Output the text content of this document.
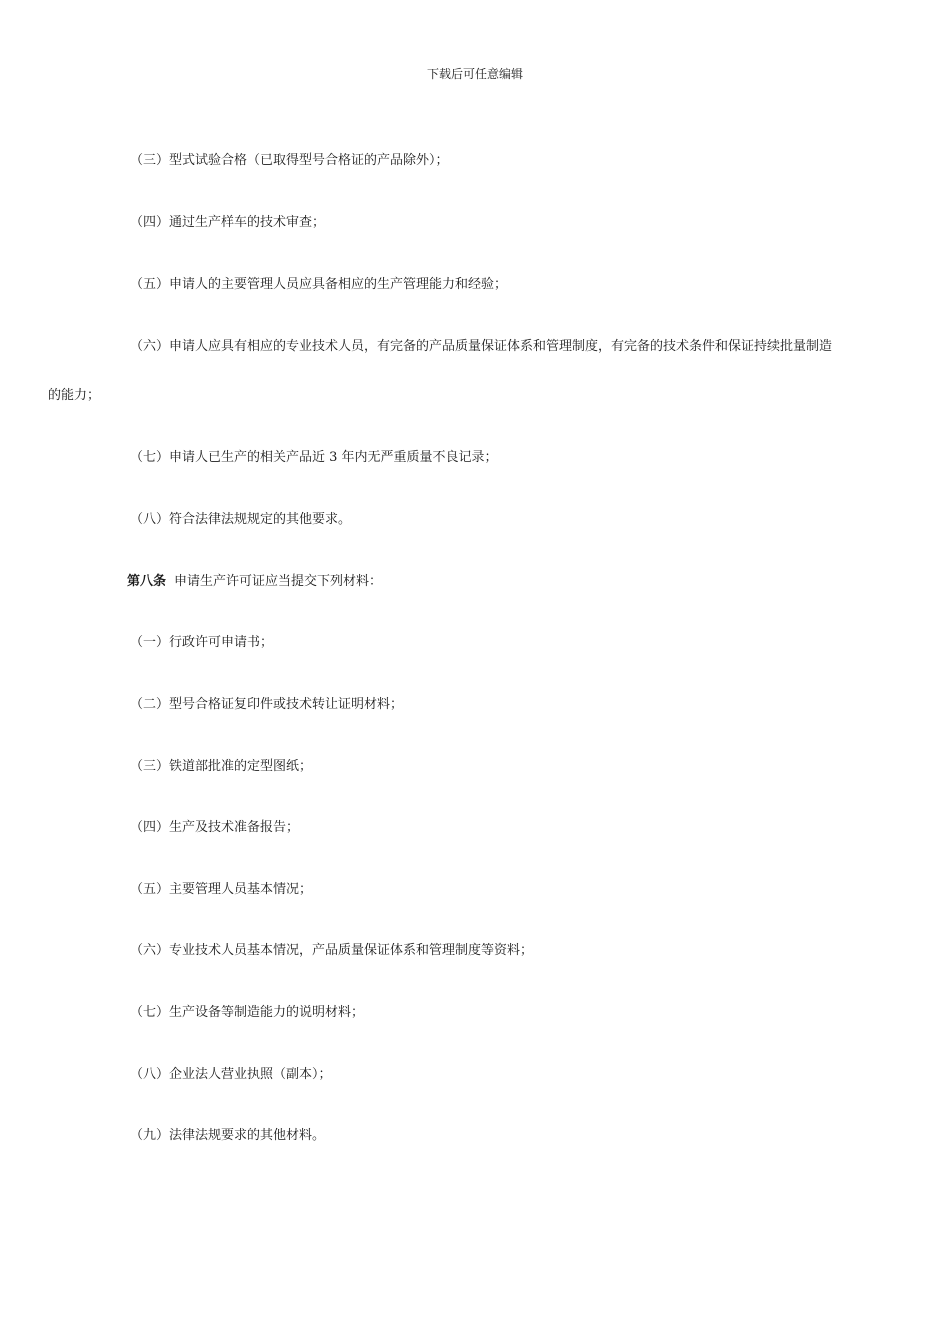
下载后可任意编辑
（三）型式试验合格（已取得型号合格证的产品除外）；
（四）通过生产样车的技术审查；
（五）申请人的主要管理人员应具备相应的生产管理能力和经验；
（六）申请人应具有相应的专业技术人员，有完备的产品质量保证体系和管理制度，有完备的技术条件和保证持续批量制造
的能力；
（七）申请人已生产的相关产品近 3 年内无严重质量不良记录；
（八）符合法律法规规定的其他要求。
第八条 申请生产许可证应当提交下列材料：
（一）行政许可申请书；
（二）型号合格证复印件或技术转让证明材料；
（三）铁道部批准的定型图纸；
（四）生产及技术准备报告；
（五）主要管理人员基本情况；
（六）专业技术人员基本情况，产品质量保证体系和管理制度等资料；
（七）生产设备等制造能力的说明材料；
（八）企业法人营业执照（副本）；
（九）法律法规要求的其他材料。
